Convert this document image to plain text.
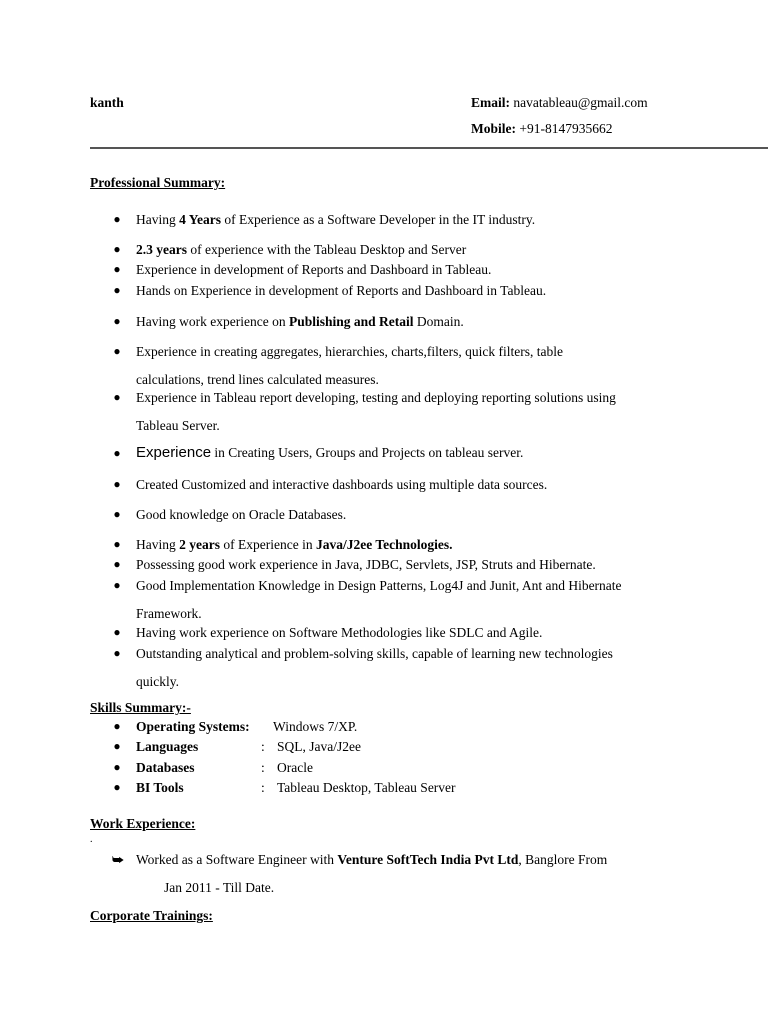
kanth	Email: navatableau@gmail.com
Mobile: +91-8147935662
Professional Summary:
● Having 4 Years of Experience as a Software Developer in the IT industry.
● 2.3 years of experience with the Tableau Desktop and Server
● Experience in development of Reports and Dashboard in Tableau.
● Hands on Experience in development of Reports and Dashboard in Tableau.
● Having work experience on Publishing and Retail Domain.
● Experience in creating aggregates, hierarchies, charts,filters, quick filters, table
calculations, trend lines calculated measures.
● Experience in Tableau report developing, testing and deploying reporting solutions using
Tableau Server.
● Experience in Creating Users, Groups and Projects on tableau server.
● Created Customized and interactive dashboards using multiple data sources.
● Good knowledge on Oracle Databases.
● Having 2 years of Experience in Java/J2ee Technologies.
● Possessing good work experience in Java, JDBC, Servlets, JSP, Struts and Hibernate.
● Good Implementation Knowledge in Design Patterns, Log4J and Junit, Ant and Hibernate
Framework.
● Having work experience on Software Methodologies like SDLC and Agile.
● Outstanding analytical and problem-solving skills, capable of learning new technologies
quickly.
Skills Summary:-
● Operating Systems: Windows 7/XP.
● Languages	: SQL, Java/J2ee
● Databases	: Oracle
● BI Tools	: Tableau Desktop, Tableau Server
Work Experience:
.
⮩ Worked as a Software Engineer with Venture SoftTech India Pvt Ltd, Banglore From
Jan 2011 - Till Date.
Corporate Trainings:
